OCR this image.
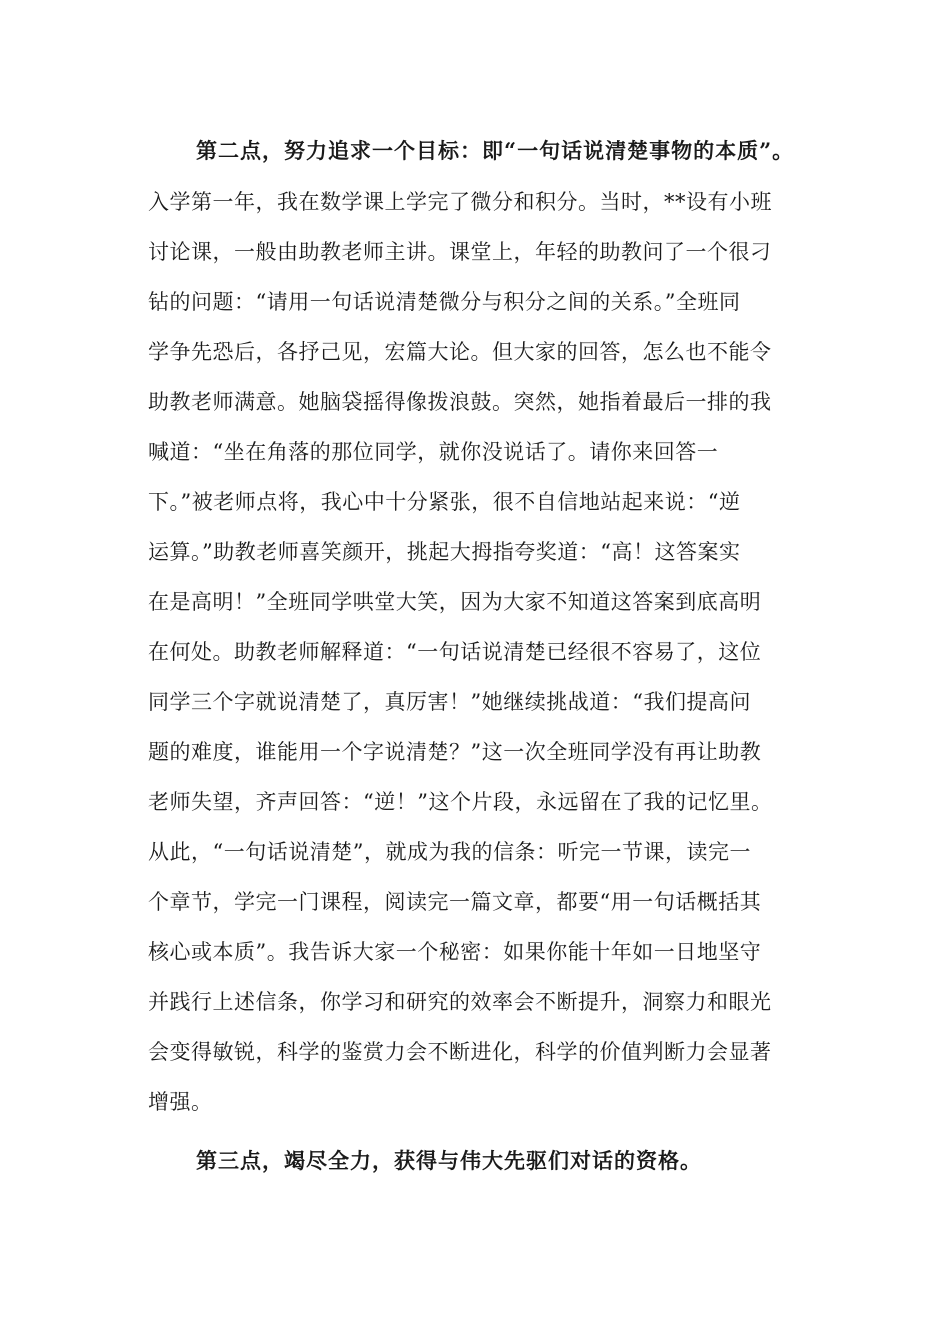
第二点，努力追求一个目标：即“一句话说清楚事物的本质”。
入学第一年，我在数学课上学完了微分和积分。当时，**设有小班
讨论课，一般由助教老师主讲。课堂上，年轻的助教问了一个很刁
钻的问题：“请用一句话说清楚微分与积分之间的关系。”全班同
学争先恐后，各抒己见，宏篇大论。但大家的回答，怎么也不能令
助教老师满意。她脑袋摇得像拨浪鼓。突然，她指着最后一排的我
喊道：“坐在角落的那位同学，就你没说话了。请你来回答一
下。”被老师点将，我心中十分紧张，很不自信地站起来说：“逆
运算。”助教老师喜笑颜开，挑起大拇指夸奖道：“高！这答案实
在是高明！”全班同学哄堂大笑，因为大家不知道这答案到底高明
在何处。助教老师解释道：“一句话说清楚已经很不容易了，这位
同学三个字就说清楚了，真厉害！”她继续挑战道：“我们提高问
题的难度，谁能用一个字说清楚？”这一次全班同学没有再让助教
老师失望，齐声回答：“逆！”这个片段，永远留在了我的记忆里。
从此，“一句话说清楚”，就成为我的信条：听完一节课，读完一
个章节，学完一门课程，阅读完一篇文章，都要“用一句话概括其
核心或本质”。我告诉大家一个秘密：如果你能十年如一日地坚守
并践行上述信条，你学习和研究的效率会不断提升，洞察力和眼光
会变得敏锐，科学的鉴赏力会不断进化，科学的价值判断力会显著
增强。
第三点，竭尽全力，获得与伟大先驱们对话的资格。
